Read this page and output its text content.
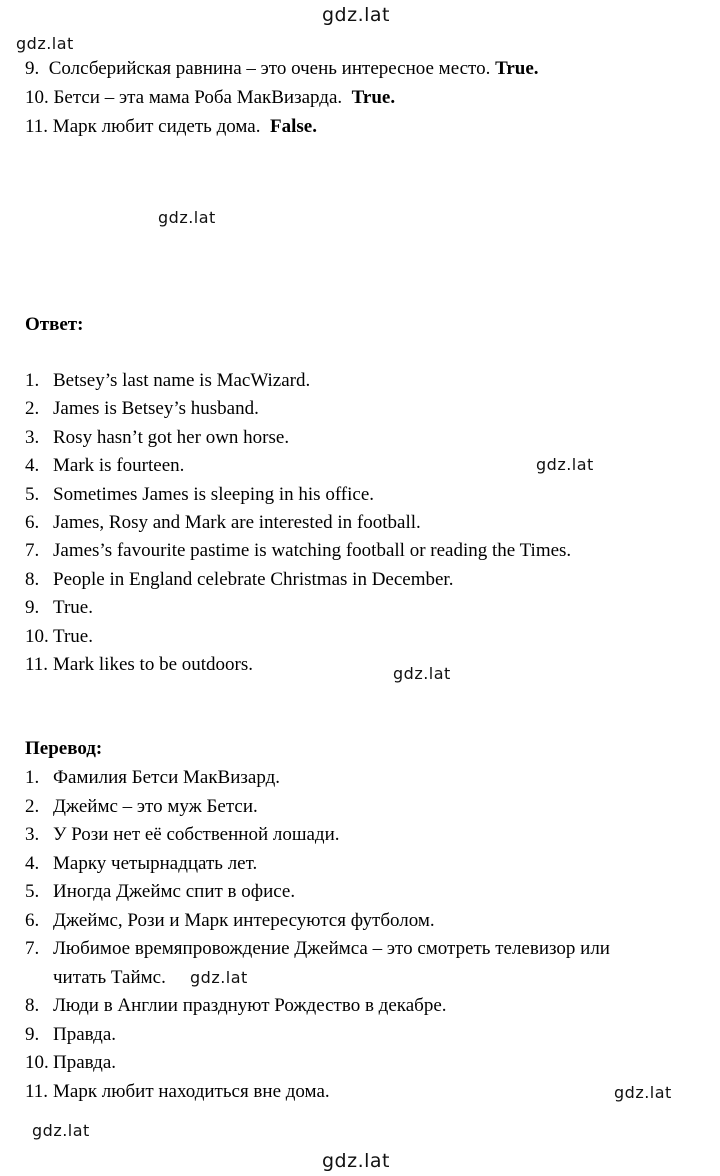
gdz.lat
gdz.lat
gdz.lat
gdz.lat
gdz.lat
gdz.lat
gdz.lat
gdz.lat
gdz.lat
9. Солсберийская равнина – это очень интересное место. True.
10. Бетси – эта мама Роба МакВизарда. True.
11. Марк любит сидеть дома. False.
Ответ:
1. Betsey’s last name is MacWizard.
2. James is Betsey’s husband.
3. Rosy hasn’t got her own horse.
4. Mark is fourteen.
5. Sometimes James is sleeping in his office.
6. James, Rosy and Mark are interested in football.
7. James’s favourite pastime is watching football or reading the Times.
8. People in England celebrate Christmas in December.
9. True.
10. True.
11. Mark likes to be outdoors.
Перевод:
1. Фамилия Бетси МакВизард.
2. Джеймс – это муж Бетси.
3. У Рози нет её собственной лошади.
4. Марку четырнадцать лет.
5. Иногда Джеймс спит в офисе.
6. Джеймс, Рози и Марк интересуются футболом.
7. Любимое времяпровождение Джеймса – это смотреть телевизор или
читать Таймс.
8. Люди в Англии празднуют Рождество в декабре.
9. Правда.
10. Правда.
11. Марк любит находиться вне дома.
